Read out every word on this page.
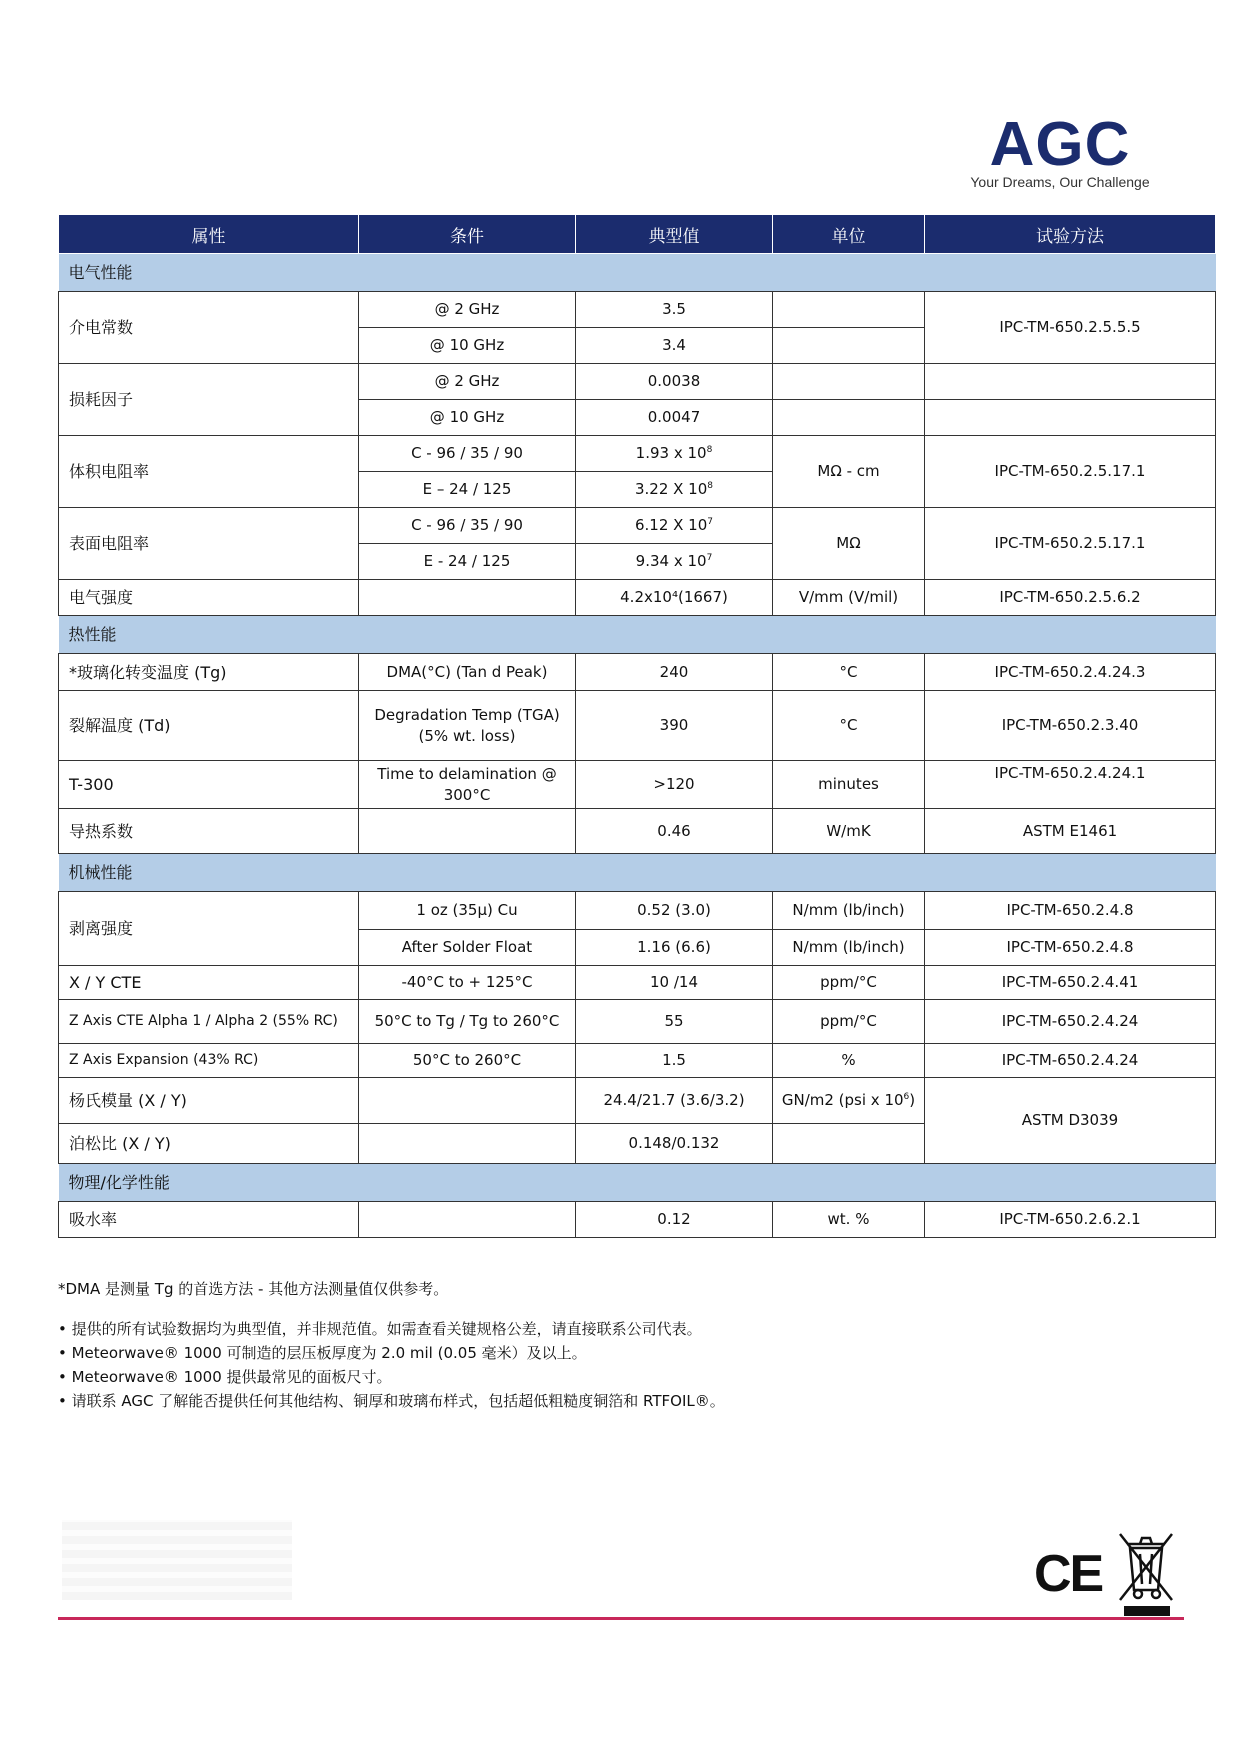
AGC
Your Dreams, Our Challenge
属性	条件	典型值	单位	试验方法
电气性能				
介电常数	@ 2 GHz	3.5		IPC-TM-650.2.5.5.5
	@ 10 GHz	3.4		
损耗因子	@ 2 GHz	0.0038		
	@ 10 GHz	0.0047		
体积电阻率	C - 96 / 35 / 90	1.93 x $10^8$	MΩ - cm	IPC-TM-650.2.5.17.1
	E – 24 / 125	3.22 X $10^8$
表面电阻率	C - 96 / 35 / 90	6.12 X $10^7$	MΩ	IPC-TM-650.2.5.17.1
	E - 24 / 125	9.34 x $10^7$
电气强度		4.2x10⁴(1667)	V/mm (V/mil)	IPC-TM-650.2.5.6.2
热性能				
*玻璃化转变温度 (Tg)	DMA(°C) (Tan d Peak)	240	°C	IPC-TM-650.2.4.24.3
裂解温度 (Td)	Degradation Temp (TGA) (5% wt. loss)	390	°C	IPC-TM-650.2.3.40
T-300	Time to delamination @ 300°C	>120	minutes	IPC-TM-650.2.4.24.1
导热系数		0.46	W/mK	ASTM E1461
机械性能				
剥离强度	1 oz (35µ) Cu	0.52 (3.0)	N/mm (lb/inch)	IPC-TM-650.2.4.8
	After Solder Float	1.16 (6.6)	N/mm (lb/inch)	IPC-TM-650.2.4.8
X / Y CTE	-40°C to + 125°C	10 /14	ppm/°C	IPC-TM-650.2.4.41
Z Axis CTE Alpha 1 / Alpha 2 (55% RC)	50°C to Tg / Tg to 260°C	55	ppm/°C	IPC-TM-650.2.4.24
Z Axis Expansion (43% RC)	50°C to 260°C	1.5	%	IPC-TM-650.2.4.24
杨氏模量 (X / Y)		24.4/21.7 (3.6/3.2)	GN/m2 (psi x $10^6$)	ASTM D3039
泊松比 (X / Y)		0.148/0.132		
物理/化学性能				
吸水率		0.12	wt. %	IPC-TM-650.2.6.2.1
*DMA 是测量 Tg 的首选方法 - 其他方法测量值仅供参考。
• 提供的所有试验数据均为典型值，并非规范值。如需查看关键规格公差，请直接联系公司代表。
• Meteorwave® 1000 可制造的层压板厚度为 2.0 mil (0.05 毫米）及以上。
• Meteorwave® 1000 提供最常见的面板尺寸。
• 请联系 AGC 了解能否提供任何其他结构、铜厚和玻璃布样式，包括超低粗糙度铜箔和 RTFOIL®。
CE
